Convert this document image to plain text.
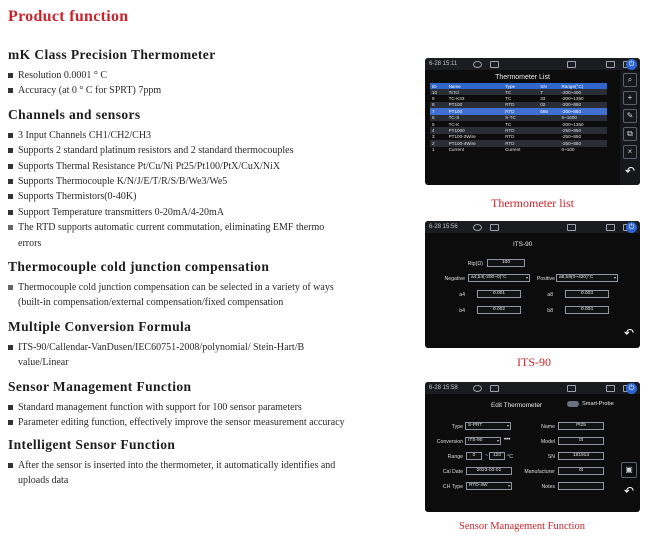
Product function
mK Class Precision Thermometer
Resolution 0.0001 ° C
Accuracy (at 0 ° C for SPRT) 7ppm
Channels and sensors
3 Input Channels CH1/CH2/CH3
Supports 2 standard platinum resistors and 2 standard thermocouples
Supports Thermal Resistance Pt/Cu/Ni Pt25/Pt100/PtX/CuX/NiX
Supports Thermocouple K/N/J/E/T/R/S/B/We3/We5
Supports Thermistors(0-40K)
Support Temperature transmitters 0-20mA/4-20mA
The RTD supports automatic current commutation, eliminating EMF thermo errors
Thermocouple cold junction compensation
Thermocouple cold junction compensation can be selected in a variety of ways (built-in compensation/external compensation/fixed compensation
Multiple Conversion Formula
ITS-90/Callendar-VanDusen/IEC60751-2008/polynomial/ Stein-Hart/B value/Linear
Sensor Management Function
Standard management function with support for 100 sensor parameters
Parameter editing function, effectively improve the sensor measurement accuracy
Intelligent Sensor Function
After the sensor is inserted into the thermometer, it automatically identifies and uploads data
6-28 15:11	⏻
Thermometer List
ID	Name	Type	SN	Range(°C)
10	TcTcl	TC	T	-200~400
9	TC-K33	TC	33	-200~1350
8	PT100	RTD	02	-200~850
7	PT100	RTD	666	-200~850
6	TC-S	S-TC		5~1600
5	TC-K	TC		-200~1350
4	PT1000	RTD		-250~850
3	PT100-3Wire	RTD		-250~850
2	PT100-4Wire	RTD		-250~850
1	Current	Current		0~100
⌕
+
✎
⧉
×
↶
Thermometer list
6-28 15:56	⏻
ITS-90
Rtp(Ω)	100
Negative	a4,b4(-200~0)°C	▾	Positive a8,b8(0~420)°C	▾
a4	0.001	a8	0.003
b4	0.002	b8	0.004
↶
ITS-90
6-28 15:58	⏻
Edit Thermometer	Smart-Probe
Type	S-PRT	▾	Name	Pt25
Conversion	ITS-90	▾ •••	Model	0t
Range	0	~	120	°C	SN	181913
Cal Date	2023-03-01	Manufacturer	0t
CH Type	RTD-4W	▾	Notes
▣
↶
Sensor Management Function
